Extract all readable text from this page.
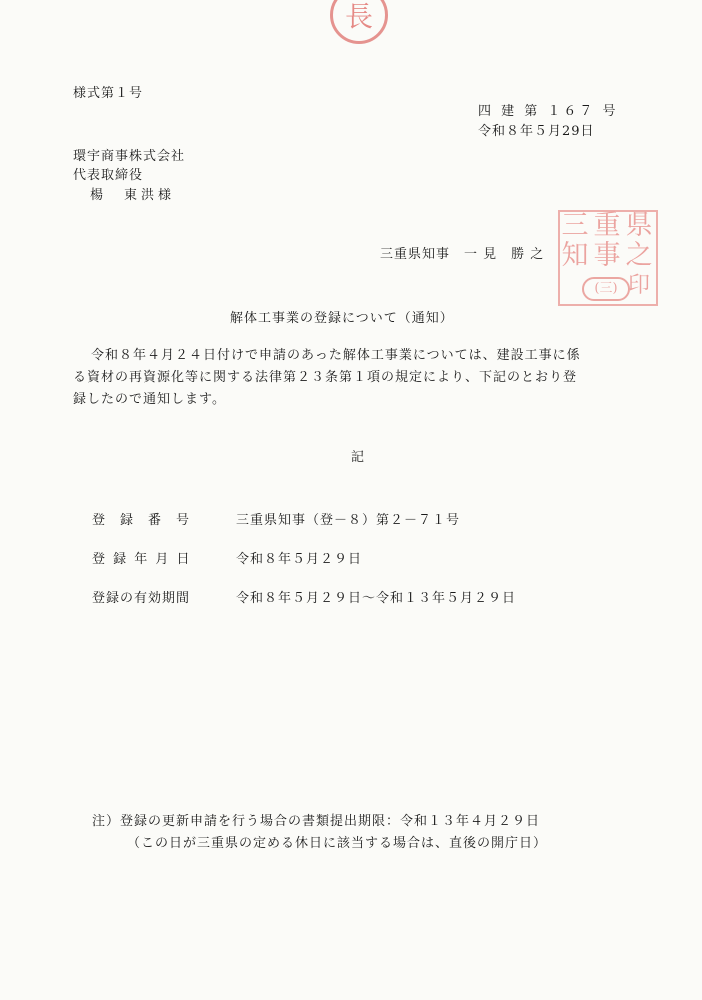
長
様式第１号
四 建 第 １６７ 号
令和８年５月29日
環宇商事株式会社
代表取締役
楊　東洪様
三重県知事　一 見　勝 之
三 重 県
知 事 之
印
(三)
解体工事業の登録について（通知）
令和８年４月２４日付けで申請のあった解体工事業については、建設工事に係
る資材の再資源化等に関する法律第２３条第１項の規定により、下記のとおり登
録したので通知します。
記
登　録　番　号	三重県知事（登－８）第２－７１号
登 録 年 月 日	令和８年５月２９日
登録の有効期間	令和８年５月２９日～令和１３年５月２９日
注）登録の更新申請を行う場合の書類提出期限：令和１３年４月２９日
（この日が三重県の定める休日に該当する場合は、直後の開庁日）
